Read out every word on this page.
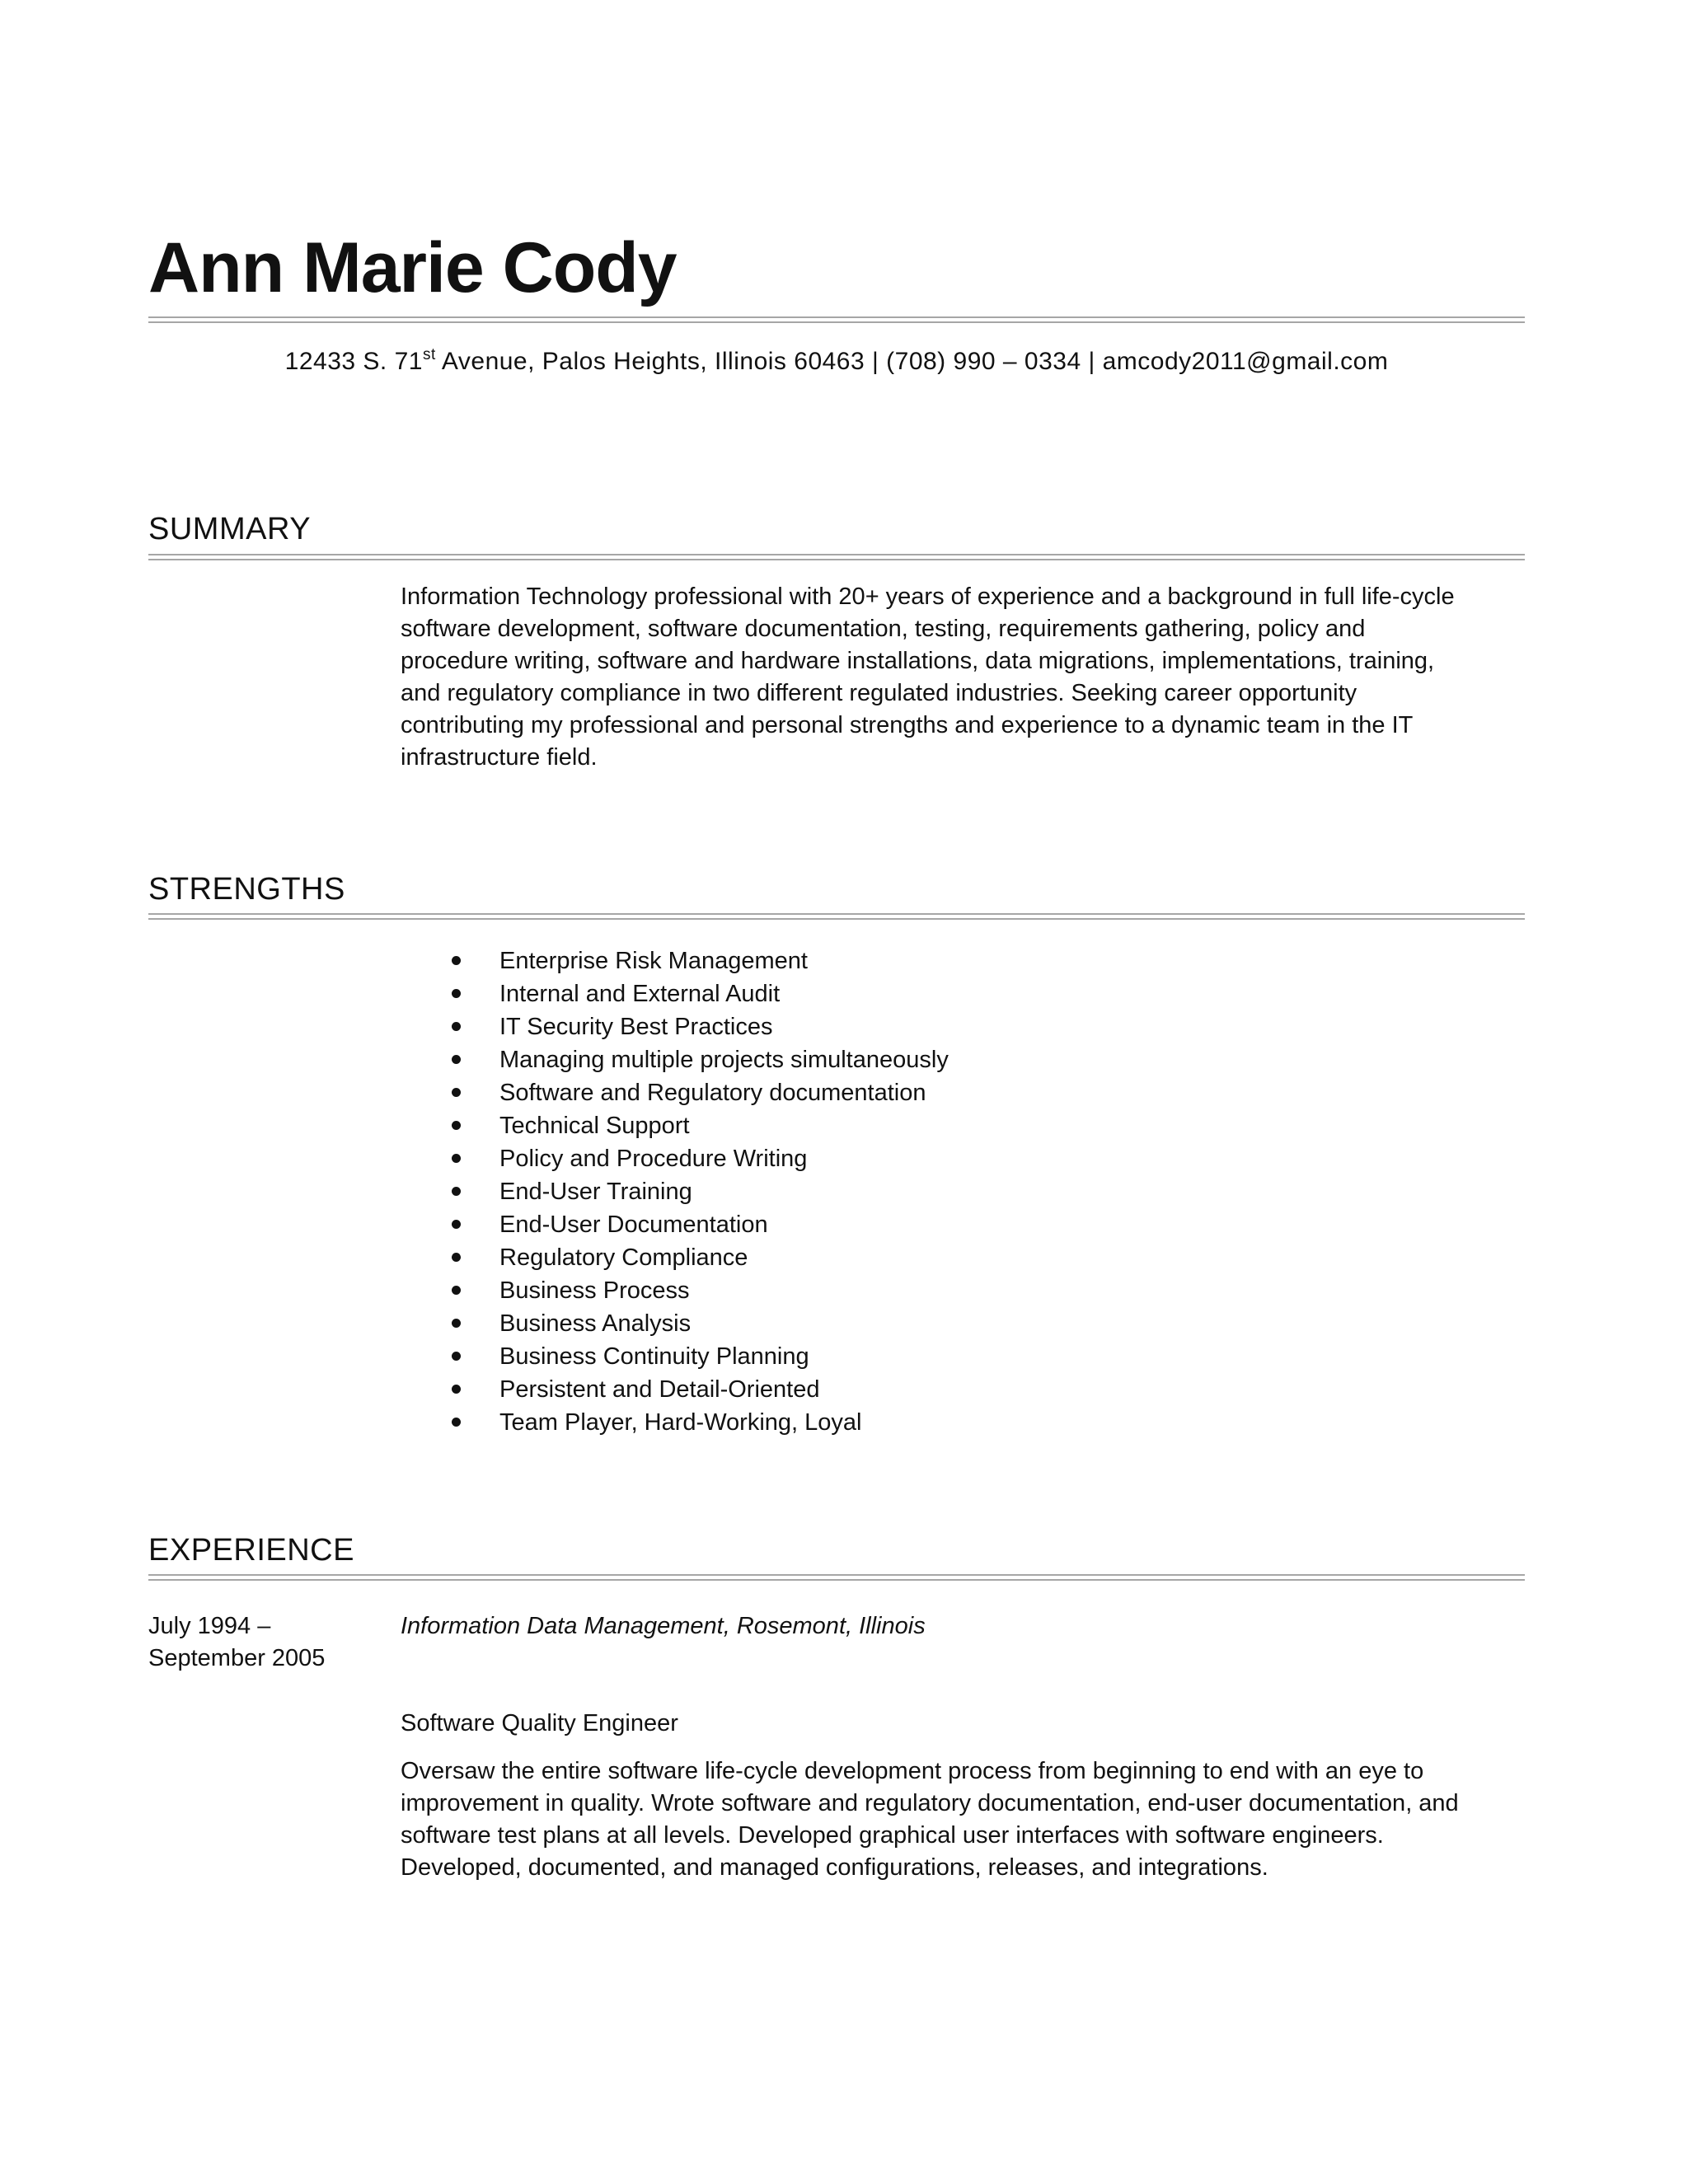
Ann Marie Cody
12433 S. 71st Avenue, Palos Heights, Illinois 60463 | (708) 990 – 0334 | amcody2011@gmail.com
SUMMARY

Information Technology professional with 20+ years of experience and a background in full life-cycle software development, software documentation, testing, requirements gathering, policy and procedure writing, software and hardware installations, data migrations, implementations, training, and regulatory compliance in two different regulated industries. Seeking career opportunity contributing my professional and personal strengths and experience to a dynamic team in the IT infrastructure field.

STRENGTHS
Enterprise Risk Management
Internal and External Audit
IT Security Best Practices
Managing multiple projects simultaneously
Software and Regulatory documentation
Technical Support
Policy and Procedure Writing
End-User Training
End-User Documentation
Regulatory Compliance
Business Process
Business Analysis
Business Continuity Planning
Persistent and Detail-Oriented
Team Player, Hard-Working, Loyal
EXPERIENCE
July 1994 –
September 2005
Information Data Management, Rosemont, Illinois
Software Quality Engineer

Oversaw the entire software life-cycle development process from beginning to end with an eye to improvement in quality. Wrote software and regulatory documentation, end-user documentation, and software test plans at all levels. Developed graphical user interfaces with software engineers. Developed, documented, and managed configurations, releases, and integrations.
